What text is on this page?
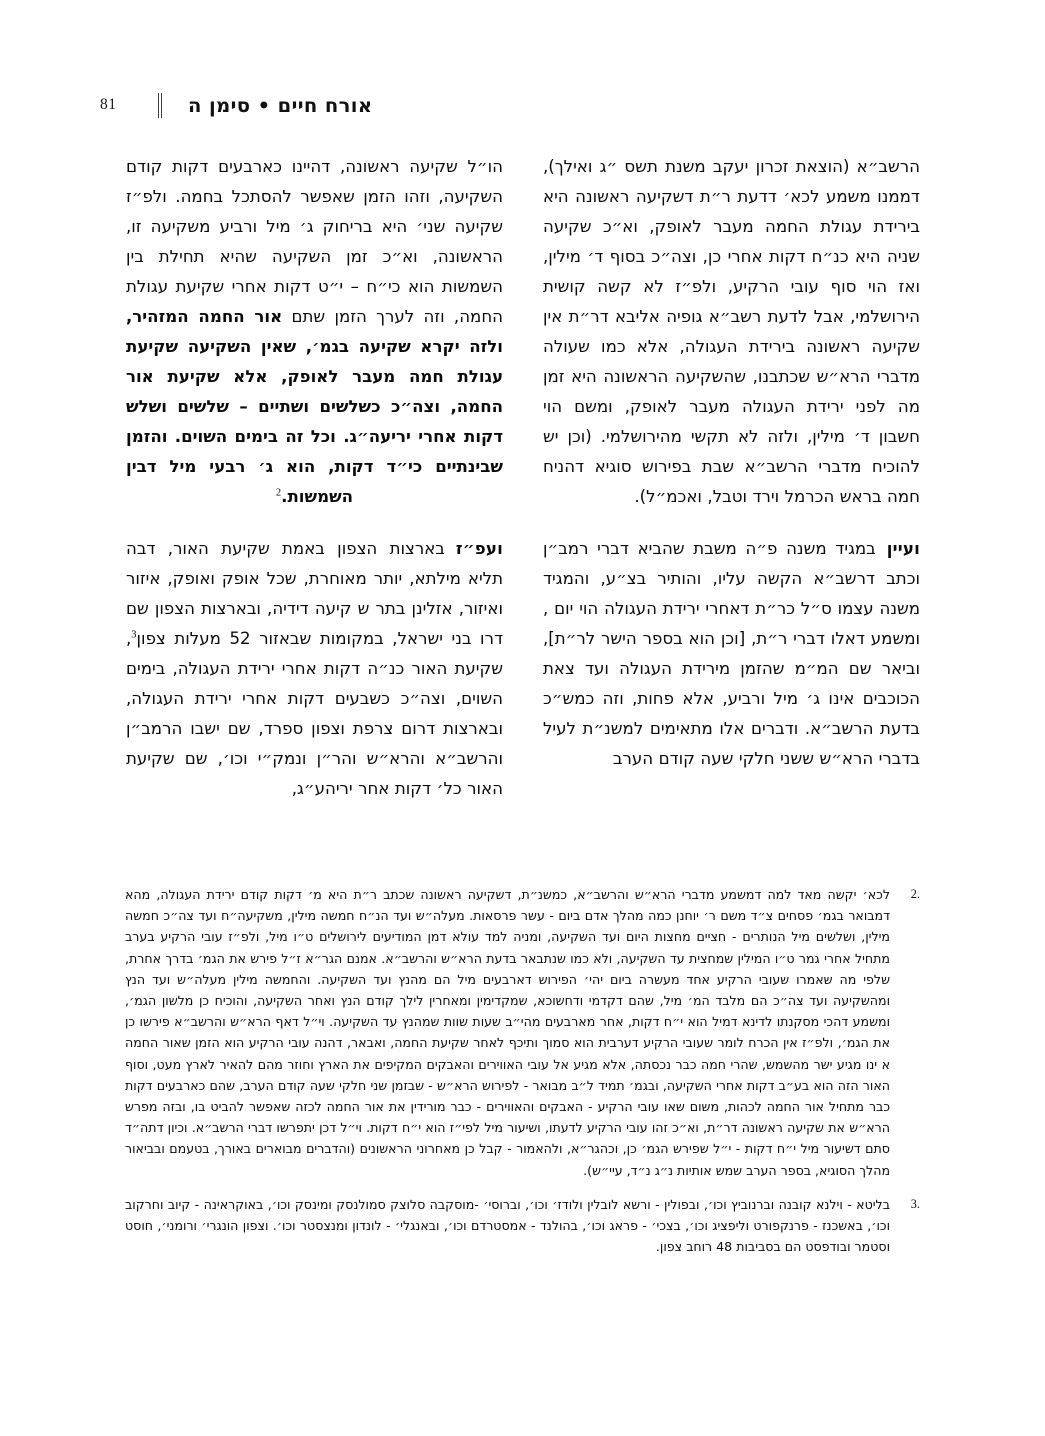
81	אורח חיים • סימן ה

הרשב״א (הוצאת זכרון יעקב משנת תשס ״ג ואילך), דממנו משמע לכא׳ דדעת ר״ת דשקיעה ראשונה היא בירידת עגולת החמה מעבר לאופק, וא״כ שקיעה שניה היא כנ״ח דקות אחרי כן, וצה״כ בסוף ד׳ מילין, ואז הוי סוף עובי הרקיע, ולפ״ז לא קשה קושית הירושלמי, אבל לדעת רשב״א גופיה אליבא דר״ת אין שקיעה ראשונה בירידת העגולה, אלא כמו שעולה מדברי הרא״ש שכתבנו, שהשקיעה הראשונה היא זמן מה לפני ירידת העגולה מעבר לאופק, ומשם הוי חשבון ד׳ מילין, ולזה לא תקשי מהירושלמי. (וכן יש להוכיח מדברי הרשב״א שבת בפירוש סוגיא דהניח חמה בראש הכרמל וירד וטבל, ואכמ״ל).

ועייןבמגיד משנה פ״ה משבת שהביא דברי רמב״ן וכתב דרשב״א הקשה עליו, והותיר בצ״ע, והמגיד משנה עצמו ס״ל כר״ת דאחרי ירידת העגולה הוי יום , ומשמע דאלו דברי ר״ת, [וכן הוא בספר הישר לר״ת], וביאר שם המ״מ שהזמן מירידת העגולה ועד צאת הכוכבים אינו ג׳ מיל ורביע, אלא פחות, וזה כמש״כ בדעת הרשב״א. ודברים אלו מתאימים למשנ״ת לעיל בדברי הרא״ש ששני חלקי שעה קודם הערב

הו״ל שקיעה ראשונה, דהיינו כארבעים דקות קודם השקיעה, וזהו הזמן שאפשר להסתכל בחמה. ולפ״ז שקיעה שני׳ היא בריחוק ג׳ מיל ורביע משקיעה זו, הראשונה, וא״כ זמן השקיעה שהיא תחילת בין השמשות הוא כי״ח – י״ט דקות אחרי שקיעת עגולת החמה, וזה לערך הזמן שתם אור החמה המזהיר, ולזה יקרא שקיעה בגמ׳, שאין השקיעה שקיעת עגולת חמה מעבר לאופק, אלא שקיעת אור החמה, וצה״כ כשלשים ושתיים – שלשים ושלש דקות אחרי יריעה״ג. וכל זה בימים השוים. והזמן שבינתיים כי״ד דקות, הוא ג׳ רבעי מיל דבין השמשות.$^2$

ועפ״זבארצות הצפון באמת שקיעת האור, דבה תליא מילתא, יותר מאוחרת, שכל אופק ואופק, איזור ואיזור, אזלינן בתר ש קיעה דידיה, ובארצות הצפון שם דרו בני ישראל, במקומות שבאזור 52 מעלות צפון$^3$, שקיעת האור כנ״ה דקות אחרי ירידת העגולה, בימים השוים, וצה״כ כשבעים דקות אחרי ירידת העגולה, ובארצות דרום צרפת וצפון ספרד, שם ישבו הרמב״ן והרשב״א והרא״ש והר״ן ונמק״י וכו׳, שם שקיעת האור כל׳ דקות אחר יריהע״ג,

2.
לכא׳ יקשה מאד למה דמשמע מדברי הרא״ש והרשב״א, כמשנ״ת, דשקיעה ראשונה שכתב ר״ת היא מ׳ דקות קודם ירידת העגולה, מהא דמבואר בגמ׳ פסחים צ״ד משם ר׳ יוחנן כמה מהלך אדם ביום - עשר פרסאות. מעלה״ש ועד הנ״ח חמשה מילין, משקיעה״ח ועד צה״כ חמשה מילין, ושלשים מיל הנותרים - חציים מחצות היום ועד השקיעה, ומניה למד עולא דמן המודיעים לירושלים ט״ו מיל, ולפ״ז עובי הרקיע בערב מתחיל אחרי גמר ט״ו המילין שמחצית עד השקיעה, ולא כמו שנתבאר בדעת הרא״ש והרשב״א. אמנם הגר״א ז״ל פירש את הגמ׳ בדרך אחרת, שלפי מה שאמרו שעובי הרקיע אחד מעשרה ביום יהי׳ הפירוש דארבעים מיל הם מהנץ ועד השקיעה. והחמשה מילין מעלה״ש ועד הנץ ומהשקיעה ועד צה״כ הם מלבד המ׳ מיל, שהם דקדמי ודחשוכא, שמקדימין ומאחרין לילך קודם הנץ ואחר השקיעה, והוכיח כן מלשון הגמ׳, ומשמע דהכי מסקנתו לדינא דמיל הוא י״ח דקות, אחר מארבעים מהי״ב שעות שוות שמהנץ עד השקיעה. וי״ל דאף הרא״ש והרשב״א פירשו כן את הגמ׳, ולפ״ז אין הכרח לומר שעובי הרקיע דערבית הוא סמוך ותיכף לאחר שקיעת החמה, ואבאר, דהנה עובי הרקיע הוא הזמן שאור החמה א ינו מגיע ישר מהשמש, שהרי חמה כבר נכסתה, אלא מגיע אל עובי האווירים והאבקים המקיפים את הארץ וחוזר מהם להאיר לארץ מעט, וסוף האור הזה הוא בע״ב דקות אחרי השקיעה, ובגמ׳ תמיד ל״ב מבואר - לפירוש הרא״ש - שבזמן שני חלקי שעה קודם הערב, שהם כארבעים דקות כבר מתחיל אור החמה לכהות, משום שאו עובי הרקיע - האבקים והאווירים - כבר מורידין את אור החמה לכזה שאפשר להביט בו, ובזה מפרש הרא״ש את שקיעה ראשונה דר״ת, וא״כ זהו עובי הרקיע לדעתו, ושיעור מיל לפי״ז הוא י״ח דקות. וי״ל דכן יתפרשו דברי הרשב״א. וכיון דתה״ד סתם דשיעור מיל י״ח דקות - י״ל שפירש הגמ׳ כן, וכהגר״א, ולהאמור - קבל כן מאחרוני הראשונים (והדברים מבוארים באורך, בטעמם ובביאור מהלך הסוגיא, בספר הערב שמש אותיות נ״ג נ״ד, עיי״ש).
3.
בליטא - וילנא קובנה וברנוביץ וכו׳, ובפולין - ורשא לובלין ולודז׳ וכו׳, וברוסי׳ -מוסקבה סלוצק סמולנסק ומינסק וכו׳, באוקראינה - קיוב וחרקוב וכו׳, באשכנז - פרנקפורט וליפציג וכו׳, בצכי׳ - פראג וכו׳, בהולנד - אמסטרדם וכו׳, ובאנגלי׳ - לונדון ומנצסטר וכו׳. וצפון הונגרי׳ ורומני׳, חוסט וסטמר ובודפסט הם בסביבות 48 רוחב צפון.
